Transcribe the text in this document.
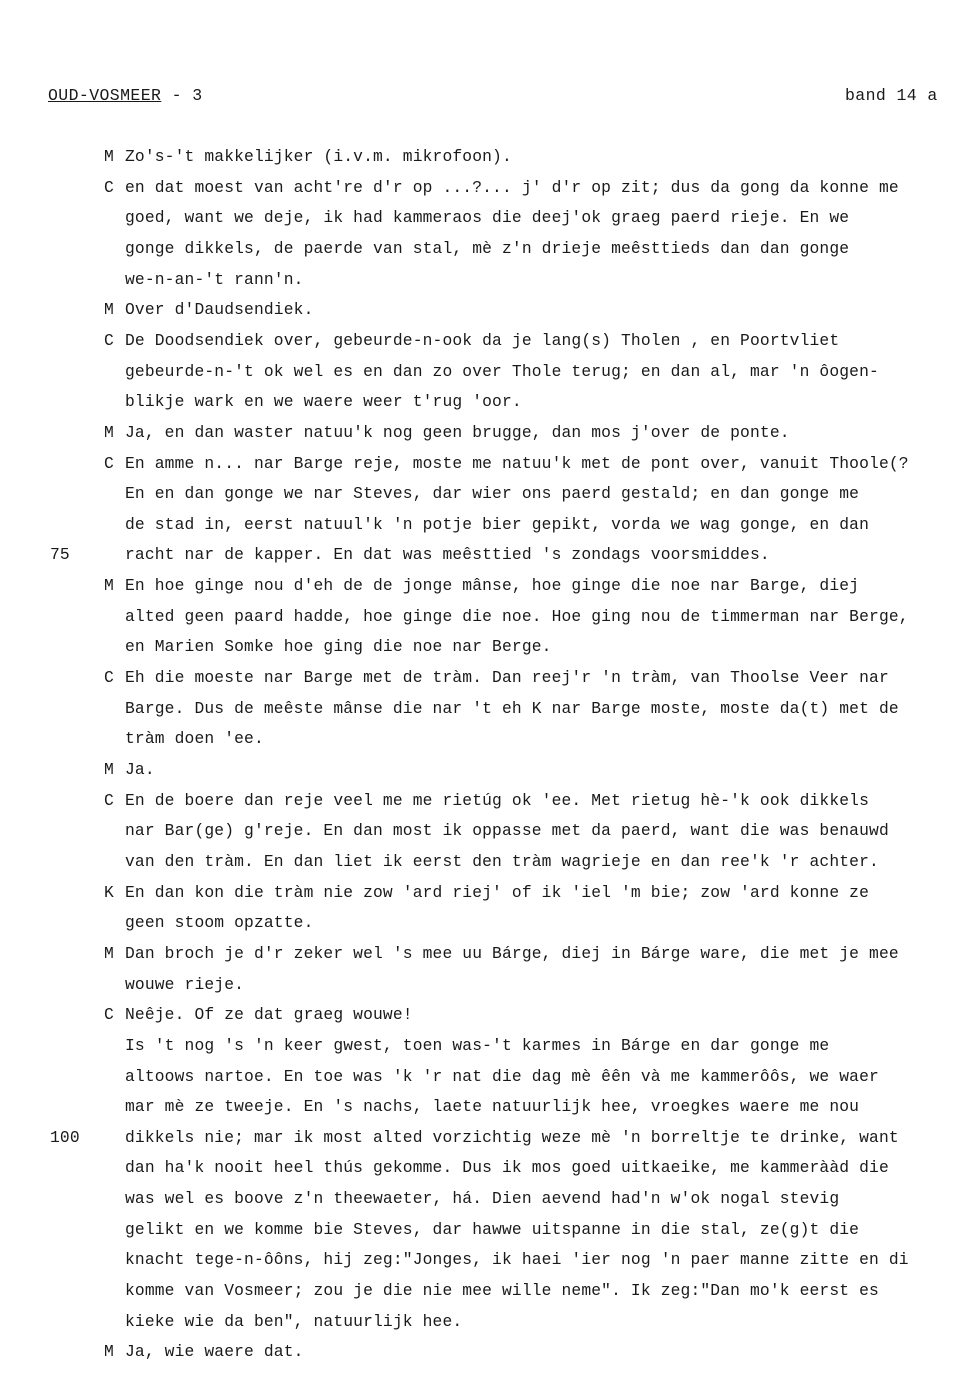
OUD-VOSMEER - 3	band 14 a
M Zo's-'t makkelijker (i.v.m. mikrofoon).
C en dat moest van acht're d'r op ...?... j' d'r op zit; dus da gong da konne me
goed, want we deje, ik had kammeraos die deej'ok graeg paerd rieje. En we
gonge dikkels, de paerde van stal, mè z'n drieje meêsttieds dan dan gonge
we-n-an-'t rann'n.
M Over d'Daudsendiek.
C De Doodsendiek over, gebeurde-n-ook da je lang(s) Tholen , en Poortvliet
gebeurde-n-'t ok wel es en dan zo over Thole terug; en dan al, mar 'n ôogen-
blikje wark en we waere weer t'rug 'oor.
M Ja, en dan waster natuu'k nog geen brugge, dan mos j'over de ponte.
C En amme n... nar Barge reje, moste me natuu'k met de pont over, vanuit Thoole(?
En en dan gonge we nar Steves, dar wier ons paerd gestald; en dan gonge me
de stad in, eerst natuul'k 'n potje bier gepikt, vorda we wag gonge, en dan
75	racht nar de kapper. En dat was meêsttied 's zondags voorsmiddes.
M En hoe ginge nou d'eh de de jonge mânse, hoe ginge die noe nar Barge, diej
alted geen paard hadde, hoe ginge die noe. Hoe ging nou de timmerman nar Berge,
en Marien Somke hoe ging die noe nar Berge.
C Eh die moeste nar Barge met de tràm. Dan reej'r 'n tràm, van Thoolse Veer nar
Barge. Dus de meêste mânse die nar 't eh K nar Barge moste, moste da(t) met de
tràm doen 'ee.
M Ja.
C En de boere dan reje veel me me rietúg ok 'ee. Met rietug hè-'k ook dikkels
nar Bar(ge) g'reje. En dan most ik oppasse met da paerd, want die was benauwd
van den tràm. En dan liet ik eerst den tràm wagrieje en dan ree'k 'r achter.
K En dan kon die tràm nie zow 'ard riej' of ik 'iel 'm bie; zow 'ard konne ze
geen stoom opzatte.
M Dan broch je d'r zeker wel 's mee uu Bárge, diej in Bárge ware, die met je mee
wouwe rieje.
C Neêje. Of ze dat graeg wouwe!
Is 't nog 's 'n keer gwest, toen was-'t karmes in Bárge en dar gonge me
altoows nartoe. En toe was 'k 'r nat die dag mè êên và me kammerôôs, we waer
mar mè ze tweeje. En 's nachs, laete natuurlijk hee, vroegkes waere me nou
100	dikkels nie; mar ik most alted vorzichtig weze mè 'n borreltje te drinke, want
dan ha'k nooit heel thús gekomme. Dus ik mos goed uitkaeike, me kammerààd die
was wel es boove z'n theewaeter, há. Dien aevend had'n w'ok nogal stevig
gelikt en we komme bie Steves, dar hawwe uitspanne in die stal, ze(g)t die
knacht tege-n-ôôns, hij zeg:"Jonges, ik haei 'ier nog 'n paer manne zitte en di
komme van Vosmeer; zou je die nie mee wille neme". Ik zeg:"Dan mo'k eerst es
kieke wie da ben", natuurlijk hee.
M Ja, wie waere dat.
